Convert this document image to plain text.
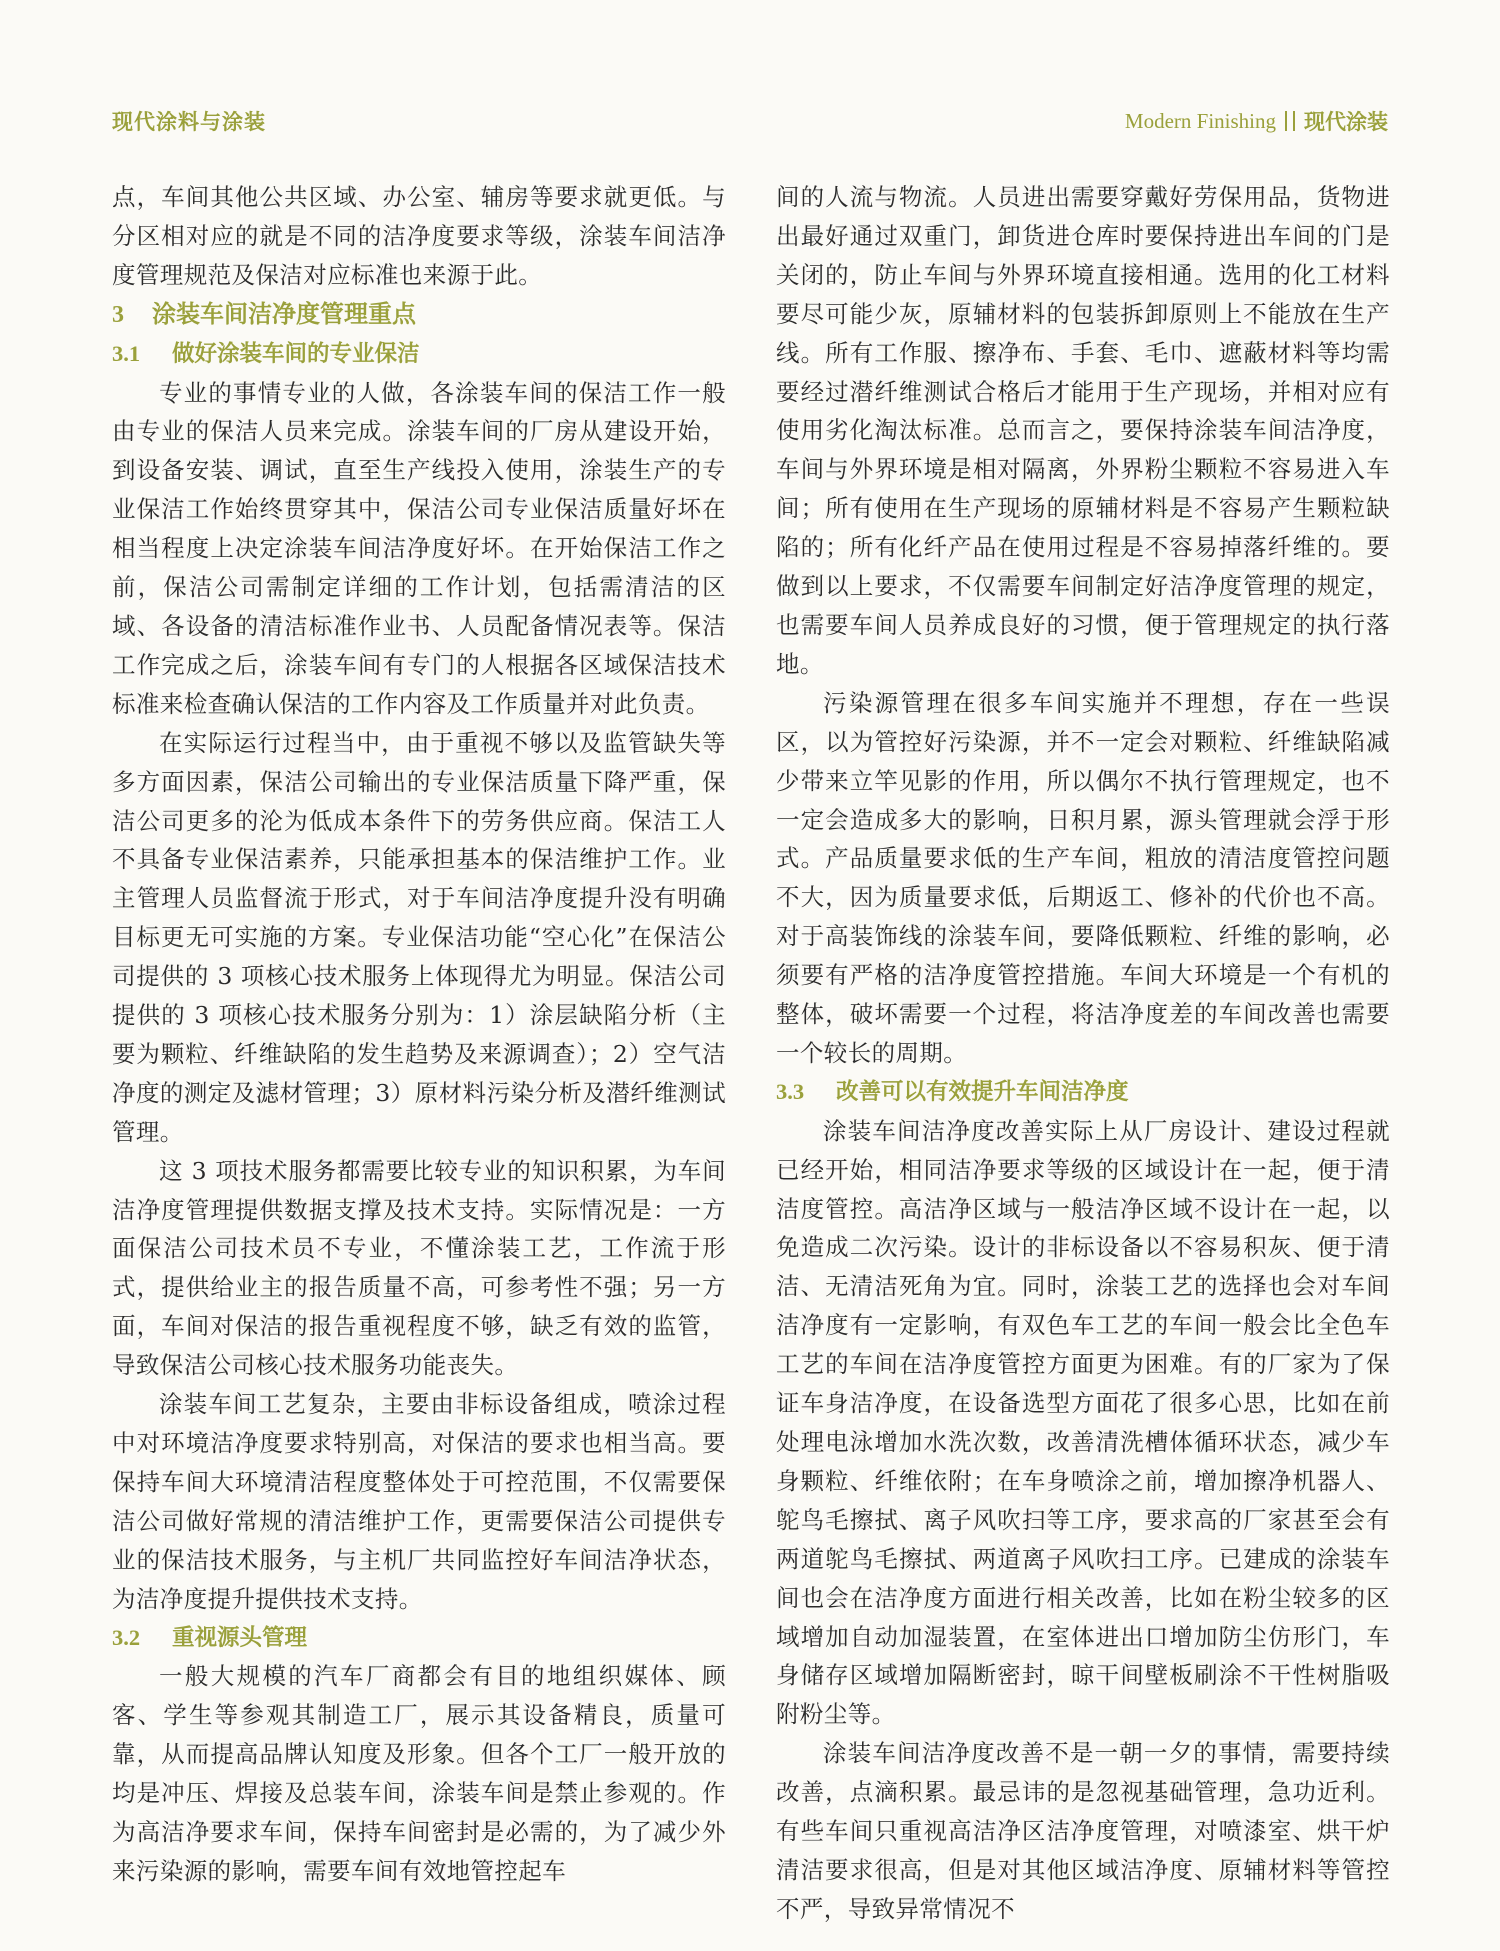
现代涂料与涂装	Modern Finishing 现代涂装

点，车间其他公共区域、办公室、辅房等要求就更低。与分区相对应的就是不同的洁净度要求等级，涂装车间洁净度管理规范及保洁对应标准也来源于此。

3 涂装车间洁净度管理重点

3.1 做好涂装车间的专业保洁

专业的事情专业的人做，各涂装车间的保洁工作一般由专业的保洁人员来完成。涂装车间的厂房从建设开始，到设备安装、调试，直至生产线投入使用，涂装生产的专业保洁工作始终贯穿其中，保洁公司专业保洁质量好坏在相当程度上决定涂装车间洁净度好坏。在开始保洁工作之前，保洁公司需制定详细的工作计划，包括需清洁的区域、各设备的清洁标准作业书、人员配备情况表等。保洁工作完成之后，涂装车间有专门的人根据各区域保洁技术标准来检查确认保洁的工作内容及工作质量并对此负责。

在实际运行过程当中，由于重视不够以及监管缺失等多方面因素，保洁公司输出的专业保洁质量下降严重，保洁公司更多的沦为低成本条件下的劳务供应商。保洁工人不具备专业保洁素养，只能承担基本的保洁维护工作。业主管理人员监督流于形式，对于车间洁净度提升没有明确目标更无可实施的方案。专业保洁功能“空心化”在保洁公司提供的 3 项核心技术服务上体现得尤为明显。保洁公司提供的 3 项核心技术服务分别为：1）涂层缺陷分析（主要为颗粒、纤维缺陷的发生趋势及来源调查）；2）空气洁净度的测定及滤材管理；3）原材料污染分析及潜纤维测试管理。

这 3 项技术服务都需要比较专业的知识积累，为车间洁净度管理提供数据支撑及技术支持。实际情况是：一方面保洁公司技术员不专业，不懂涂装工艺，工作流于形式，提供给业主的报告质量不高，可参考性不强；另一方面，车间对保洁的报告重视程度不够，缺乏有效的监管，导致保洁公司核心技术服务功能丧失。

涂装车间工艺复杂，主要由非标设备组成，喷涂过程中对环境洁净度要求特别高，对保洁的要求也相当高。要保持车间大环境清洁程度整体处于可控范围，不仅需要保洁公司做好常规的清洁维护工作，更需要保洁公司提供专业的保洁技术服务，与主机厂共同监控好车间洁净状态，为洁净度提升提供技术支持。

3.2 重视源头管理

一般大规模的汽车厂商都会有目的地组织媒体、顾客、学生等参观其制造工厂，展示其设备精良，质量可靠，从而提高品牌认知度及形象。但各个工厂一般开放的均是冲压、焊接及总装车间，涂装车间是禁止参观的。作为高洁净要求车间，保持车间密封是必需的，为了减少外来污染源的影响，需要车间有效地管控起车

间的人流与物流。人员进出需要穿戴好劳保用品，货物进出最好通过双重门，卸货进仓库时要保持进出车间的门是关闭的，防止车间与外界环境直接相通。选用的化工材料要尽可能少灰，原辅材料的包装拆卸原则上不能放在生产线。所有工作服、擦净布、手套、毛巾、遮蔽材料等均需要经过潜纤维测试合格后才能用于生产现场，并相对应有使用劣化淘汰标准。总而言之，要保持涂装车间洁净度，车间与外界环境是相对隔离，外界粉尘颗粒不容易进入车间；所有使用在生产现场的原辅材料是不容易产生颗粒缺陷的；所有化纤产品在使用过程是不容易掉落纤维的。要做到以上要求，不仅需要车间制定好洁净度管理的规定，也需要车间人员养成良好的习惯，便于管理规定的执行落地。

污染源管理在很多车间实施并不理想，存在一些误区，以为管控好污染源，并不一定会对颗粒、纤维缺陷减少带来立竿见影的作用，所以偶尔不执行管理规定，也不一定会造成多大的影响，日积月累，源头管理就会浮于形式。产品质量要求低的生产车间，粗放的清洁度管控问题不大，因为质量要求低，后期返工、修补的代价也不高。对于高装饰线的涂装车间，要降低颗粒、纤维的影响，必须要有严格的洁净度管控措施。车间大环境是一个有机的整体，破坏需要一个过程，将洁净度差的车间改善也需要一个较长的周期。

3.3 改善可以有效提升车间洁净度

涂装车间洁净度改善实际上从厂房设计、建设过程就已经开始，相同洁净要求等级的区域设计在一起，便于清洁度管控。高洁净区域与一般洁净区域不设计在一起，以免造成二次污染。设计的非标设备以不容易积灰、便于清洁、无清洁死角为宜。同时，涂装工艺的选择也会对车间洁净度有一定影响，有双色车工艺的车间一般会比全色车工艺的车间在洁净度管控方面更为困难。有的厂家为了保证车身洁净度，在设备选型方面花了很多心思，比如在前处理电泳增加水洗次数，改善清洗槽体循环状态，减少车身颗粒、纤维依附；在车身喷涂之前，增加擦净机器人、鸵鸟毛擦拭、离子风吹扫等工序，要求高的厂家甚至会有两道鸵鸟毛擦拭、两道离子风吹扫工序。已建成的涂装车间也会在洁净度方面进行相关改善，比如在粉尘较多的区域增加自动加湿装置，在室体进出口增加防尘仿形门，车身储存区域增加隔断密封，晾干间壁板刷涂不干性树脂吸附粉尘等。

涂装车间洁净度改善不是一朝一夕的事情，需要持续改善，点滴积累。最忌讳的是忽视基础管理，急功近利。有些车间只重视高洁净区洁净度管理，对喷漆室、烘干炉清洁要求很高，但是对其他区域洁净度、原辅材料等管控不严，导致异常情况不
